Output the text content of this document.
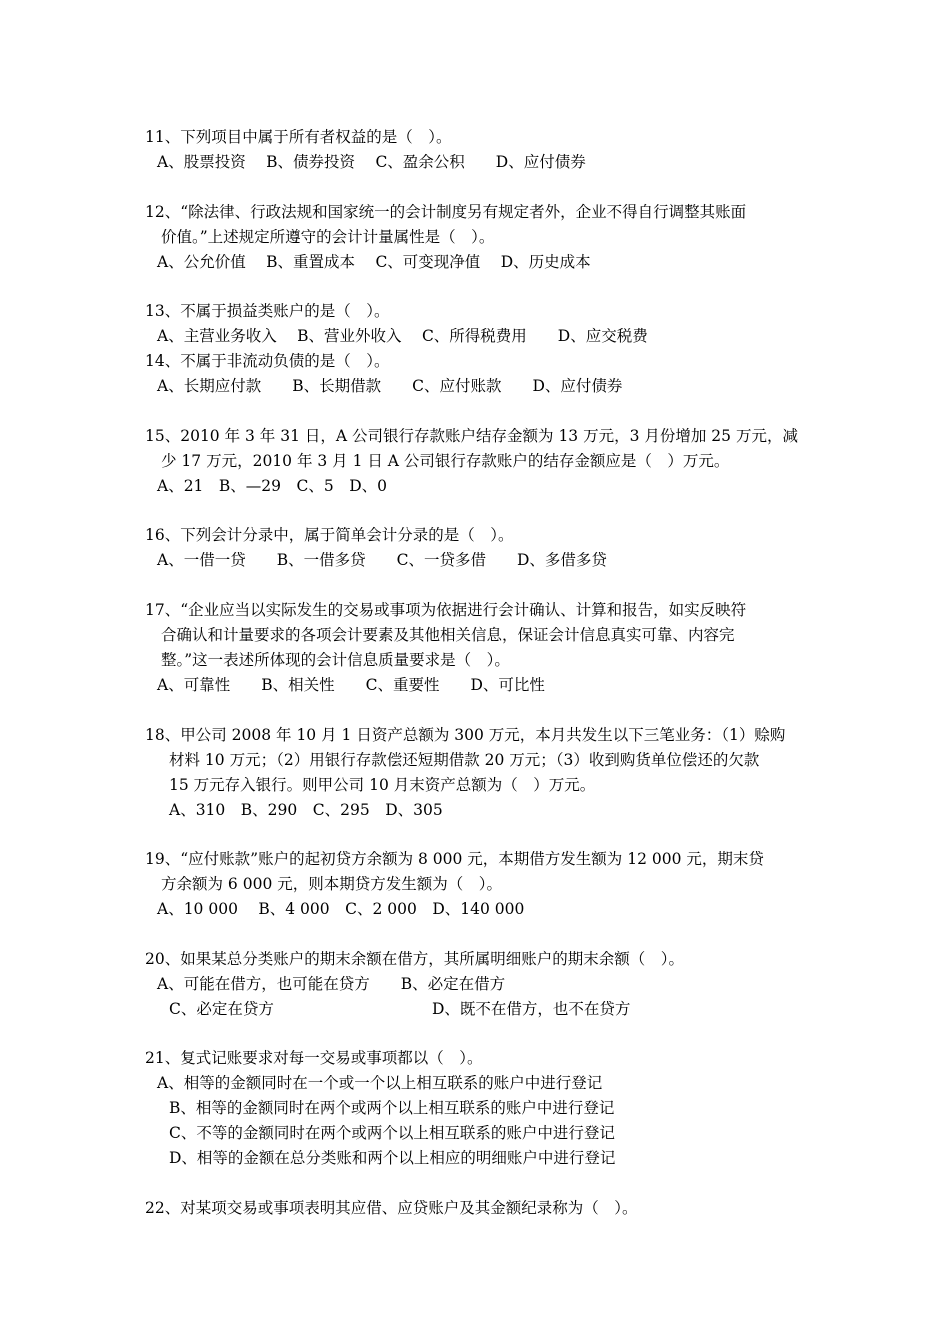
11、下列项目中属于所有者权益的是（　）。
A、股票投资　 B、债券投资　 C、盈余公积　　D、应付债券
12、“除法律、行政法规和国家统一的会计制度另有规定者外，企业不得自行调整其账面
价值。”上述规定所遵守的会计计量属性是（　）。
A、公允价值　 B、重置成本　 C、可变现净值　 D、历史成本
13、不属于损益类账户的是（　）。
A、主营业务收入　 B、营业外收入　 C、所得税费用　　D、应交税费
14、不属于非流动负债的是（　）。
A、长期应付款　　B、长期借款　　C、应付账款　　D、应付债券
15、2010 年 3 年 31 日，A 公司银行存款账户结存金额为 13 万元，3 月份增加 25 万元，减
少 17 万元，2010 年 3 月 1 日 A 公司银行存款账户的结存金额应是（　）万元。
A、21　B、—29　C、5　D、0
16、下列会计分录中，属于简单会计分录的是（　）。
A、一借一贷　　B、一借多贷　　C、一贷多借　　D、多借多贷
17、“企业应当以实际发生的交易或事项为依据进行会计确认、计算和报告，如实反映符
合确认和计量要求的各项会计要素及其他相关信息，保证会计信息真实可靠、内容完
整。”这一表述所体现的会计信息质量要求是（　）。
A、可靠性　　B、相关性　　C、重要性　　D、可比性
18、甲公司 2008 年 10 月 1 日资产总额为 300 万元，本月共发生以下三笔业务：（1）赊购
材料 10 万元；（2）用银行存款偿还短期借款 20 万元；（3）收到购货单位偿还的欠款
15 万元存入银行。则甲公司 10 月末资产总额为（　）万元。
A、310　B、290　C、295　D、305
19、“应付账款”账户的起初贷方余额为 8 000 元，本期借方发生额为 12 000 元，期末贷
方余额为 6 000 元，则本期贷方发生额为（　）。
A、10 000　 B、4 000　C、2 000　D、140 000
20、如果某总分类账户的期末余额在借方，其所属明细账户的期末余额（　）。
A、可能在借方，也可能在贷方　　B、必定在借方
C、必定在贷方	D、既不在借方，也不在贷方
21、复式记账要求对每一交易或事项都以（　）。
A、相等的金额同时在一个或一个以上相互联系的账户中进行登记
B、相等的金额同时在两个或两个以上相互联系的账户中进行登记
C、不等的金额同时在两个或两个以上相互联系的账户中进行登记
D、相等的金额在总分类账和两个以上相应的明细账户中进行登记
22、对某项交易或事项表明其应借、应贷账户及其金额纪录称为（　）。
